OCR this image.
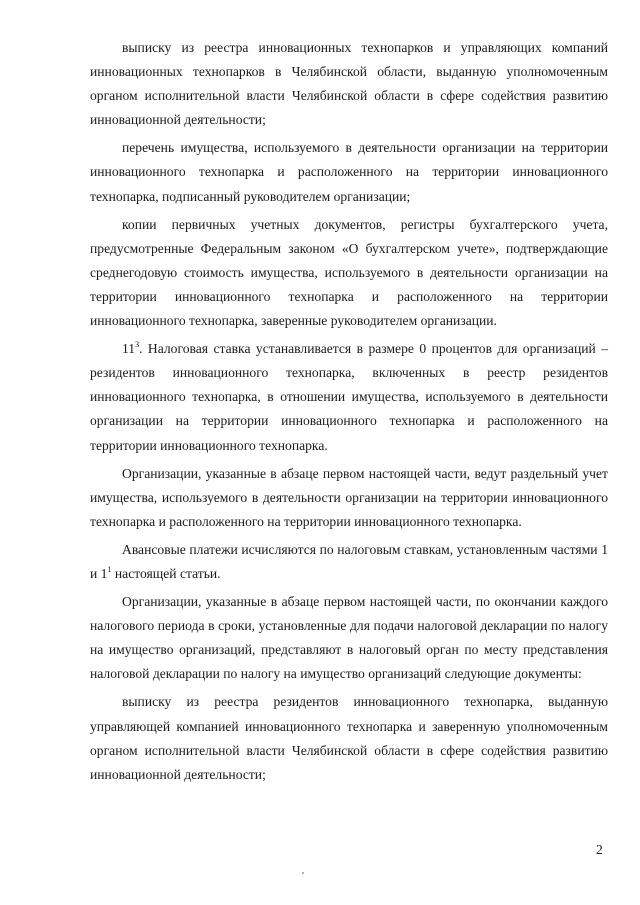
выписку из реестра инновационных технопарков и управляющих компаний инновационных технопарков в Челябинской области, выданную уполномоченным органом исполнительной власти Челябинской области в сфере содействия развитию инновационной деятельности;

перечень имущества, используемого в деятельности организации на территории инновационного технопарка и расположенного на территории инновационного технопарка, подписанный руководителем организации;

копии первичных учетных документов, регистры бухгалтерского учета, предусмотренные Федеральным законом «О бухгалтерском учете», подтверждающие среднегодовую стоимость имущества, используемого в деятельности организации на территории инновационного технопарка и расположенного на территории инновационного технопарка, заверенные руководителем организации.

$11^3$. Налоговая ставка устанавливается в размере 0 процентов для организаций – резидентов инновационного технопарка, включенных в реестр резидентов инновационного технопарка, в отношении имущества, используемого в деятельности организации на территории инновационного технопарка и расположенного на территории инновационного технопарка.

Организации, указанные в абзаце первом настоящей части, ведут раздельный учет имущества, используемого в деятельности организации на территории инновационного технопарка и расположенного на территории инновационного технопарка.

Авансовые платежи исчисляются по налоговым ставкам, установленным частями 1 и $1^1$ настоящей статьи.

Организации, указанные в абзаце первом настоящей части, по окончании каждого налогового периода в сроки, установленные для подачи налоговой декларации по налогу на имущество организаций, представляют в налоговый орган по месту представления налоговой декларации по налогу на имущество организаций следующие документы:

выписку из реестра резидентов инновационного технопарка, выданную управляющей компанией инновационного технопарка и заверенную уполномоченным органом исполнительной власти Челябинской области в сфере содействия развитию инновационной деятельности;

2
